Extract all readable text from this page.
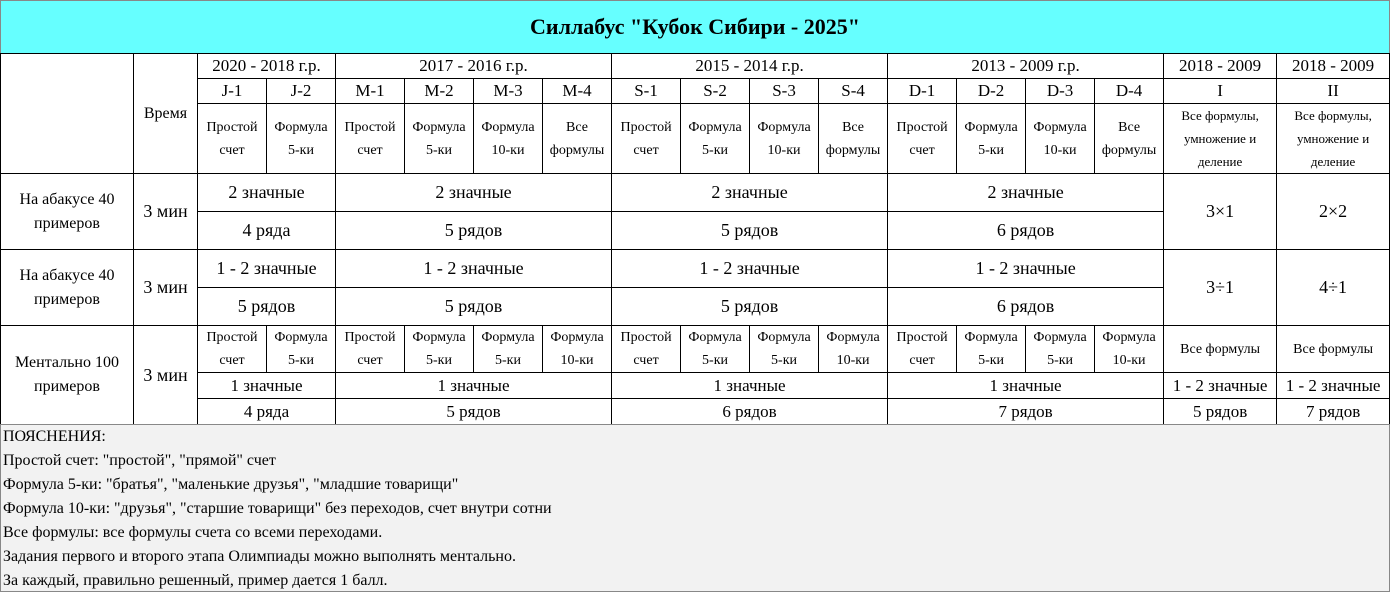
Силлабус "Кубок Сибири - 2025"
	Время	2020 - 2018 г.р.		2017 - 2016 г.р.				2015 - 2014 г.р.				2013 - 2009 г.р.				2018 - 2009	2018 - 2009
		J-1	J-2	M-1	M-2	M-3	M-4	S-1	S-2	S-3	S-4	D-1	D-2	D-3	D-4	I	II
		Простой счет	Формула 5-ки	Простой счет	Формула 5-ки	Формула 10-ки	Все формулы	Простой счет	Формула 5-ки	Формула 10-ки	Все формулы	Простой счет	Формула 5-ки	Формула 10-ки	Все формулы	Все формулы, умножение и деление	Все формулы, умножение и деление
На абакусе 40 примеров	3 мин	2 значные		2 значные				2 значные				2 значные				3×1	2×2
		4 ряда		5 рядов				5 рядов				6 рядов					
На абакусе 40 примеров	3 мин	1 - 2 значные		1 - 2 значные				1 - 2 значные				1 - 2 значные				3÷1	4÷1
		5 рядов		5 рядов				5 рядов				6 рядов					
Ментально 100 примеров	3 мин	Простой счет	Формула 5-ки	Простой счет	Формула 5-ки	Формула 5-ки	Формула 10-ки	Простой счет	Формула 5-ки	Формула 5-ки	Формула 10-ки	Простой счет	Формула 5-ки	Формула 5-ки	Формула 10-ки	Все формулы	Все формулы
		1 значные		1 значные				1 значные				1 значные				1 - 2 значные	1 - 2 значные
		4 ряда		5 рядов				6 рядов				7 рядов				5 рядов	7 рядов
ПОЯСНЕНИЯ:
Простой счет: "простой", "прямой" счет
Формула 5-ки: "братья", "маленькие друзья", "младшие товарищи"
Формула 10-ки: "друзья", "старшие товарищи" без переходов, счет внутри сотни
Все формулы: все формулы счета со всеми переходами.
Задания первого и второго этапа Олимпиады можно выполнять ментально.
За каждый, правильно решенный, пример дается 1 балл.
